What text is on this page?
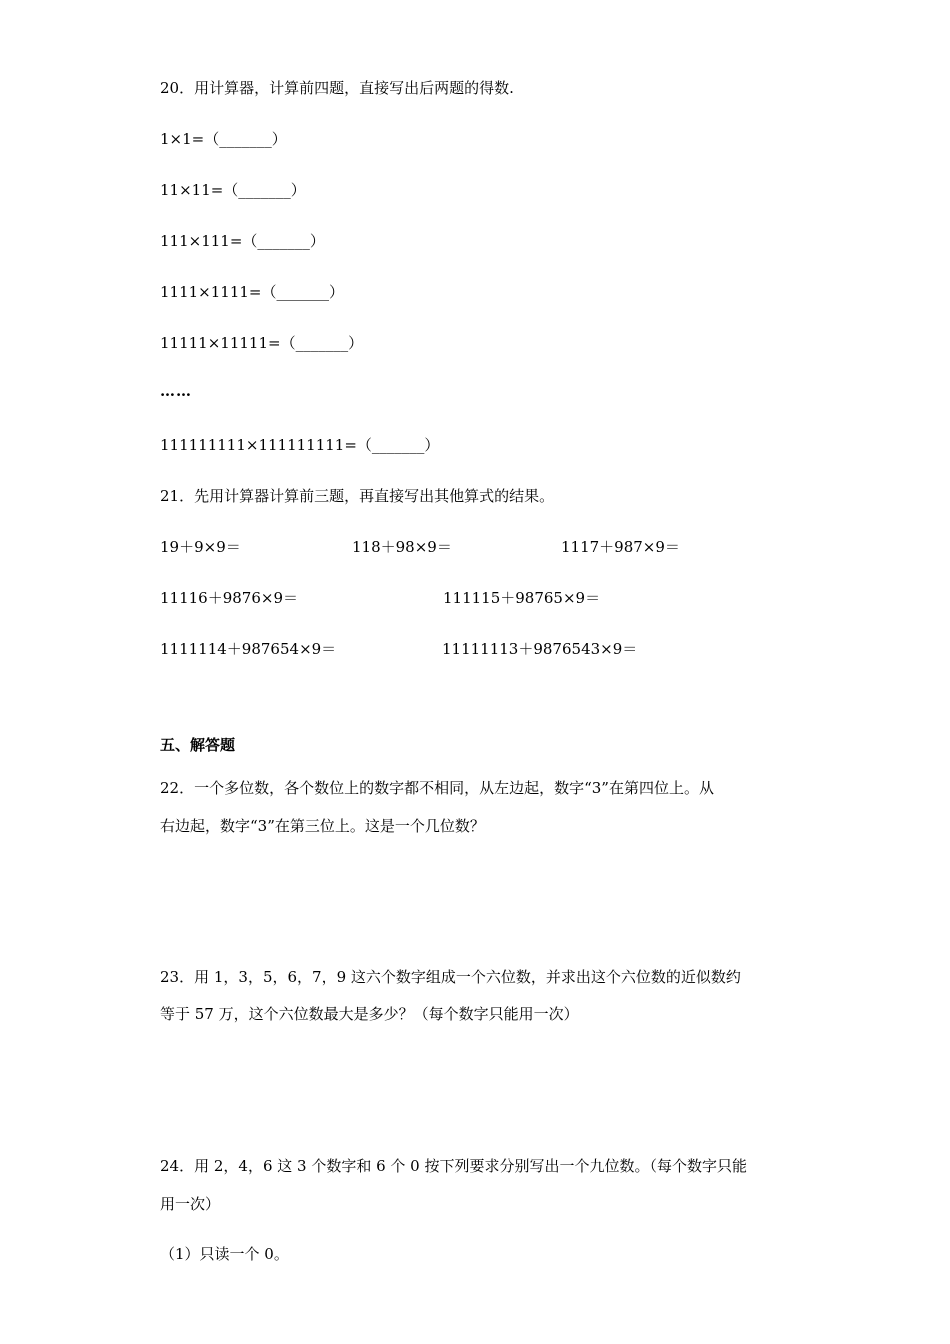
20．用计算器，计算前四题，直接写出后两题的得数.
1×1=（_______）
11×11=（_______）
111×111=（_______）
1111×1111=（_______）
11111×11111=（_______）
……
111111111×111111111=（_______）
21．先用计算器计算前三题，再直接写出其他算式的结果。
19＋9×9＝	118＋98×9＝	1117＋987×9＝
11116＋9876×9＝	111115＋98765×9＝
1111114＋987654×9＝	11111113＋9876543×9＝
五、解答题
22．一个多位数，各个数位上的数字都不相同，从左边起，数字“3”在第四位上。从
右边起，数字“3”在第三位上。这是一个几位数？
23．用 1，3，5，6，7，9 这六个数字组成一个六位数，并求出这个六位数的近似数约
等于 57 万，这个六位数最大是多少？（每个数字只能用一次）
24．用 2，4，6 这 3 个数字和 6 个 0 按下列要求分别写出一个九位数。（每个数字只能
用一次）
（1）只读一个 0。
